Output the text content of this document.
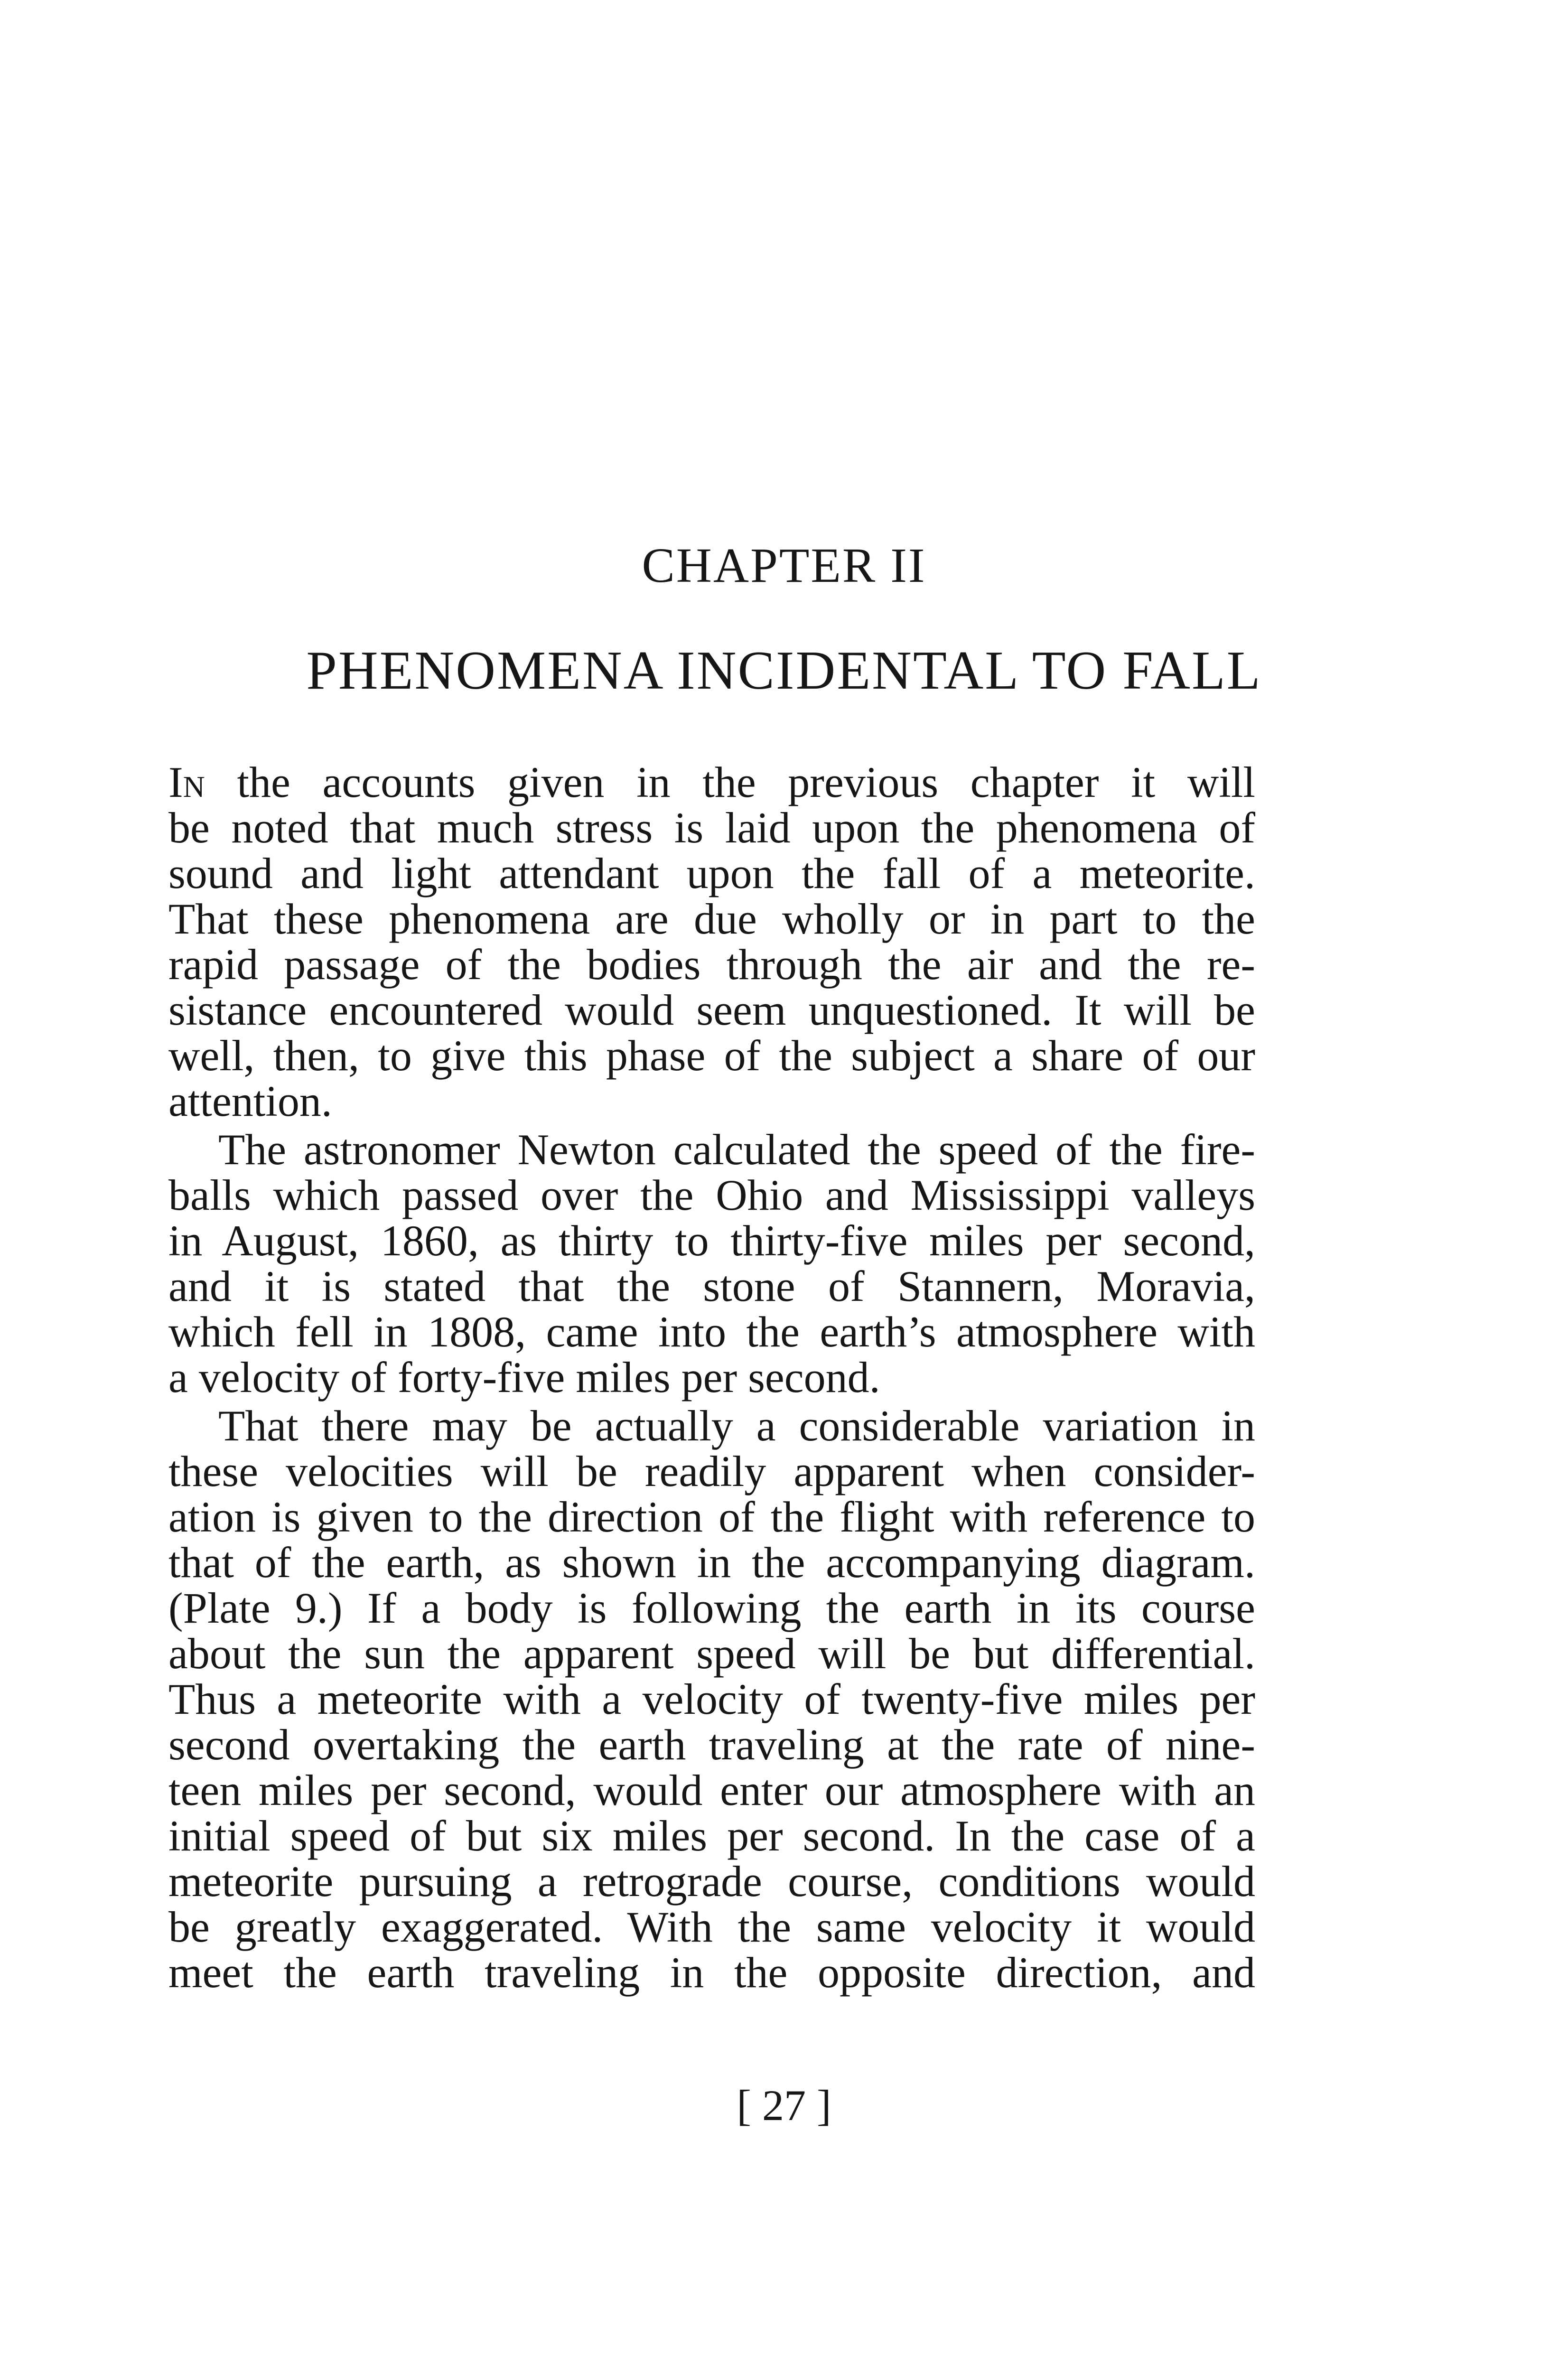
CHAPTER II
PHENOMENA INCIDENTAL TO FALL
In the accounts given in the previous chapter it will
be noted that much stress is laid upon the phenomena of
sound and light attendant upon the fall of a meteorite.
That these phenomena are due wholly or in part to the
rapid passage of the bodies through the air and the re-
sistance encountered would seem unquestioned. It will be
well, then, to give this phase of the subject a share of our
attention.
The astronomer Newton calculated the speed of the fire-
balls which passed over the Ohio and Mississippi valleys
in August, 1860, as thirty to thirty-five miles per second,
and it is stated that the stone of Stannern, Moravia,
which fell in 1808, came into the earth’s atmosphere with
a velocity of forty-five miles per second.
That there may be actually a considerable variation in
these velocities will be readily apparent when consider-
ation is given to the direction of the flight with reference to
that of the earth, as shown in the accompanying diagram.
(Plate 9.) If a body is following the earth in its course
about the sun the apparent speed will be but differential.
Thus a meteorite with a velocity of twenty-five miles per
second overtaking the earth traveling at the rate of nine-
teen miles per second, would enter our atmosphere with an
initial speed of but six miles per second. In the case of a
meteorite pursuing a retrograde course, conditions would
be greatly exaggerated. With the same velocity it would
meet the earth traveling in the opposite direction, and
[ 27 ]
